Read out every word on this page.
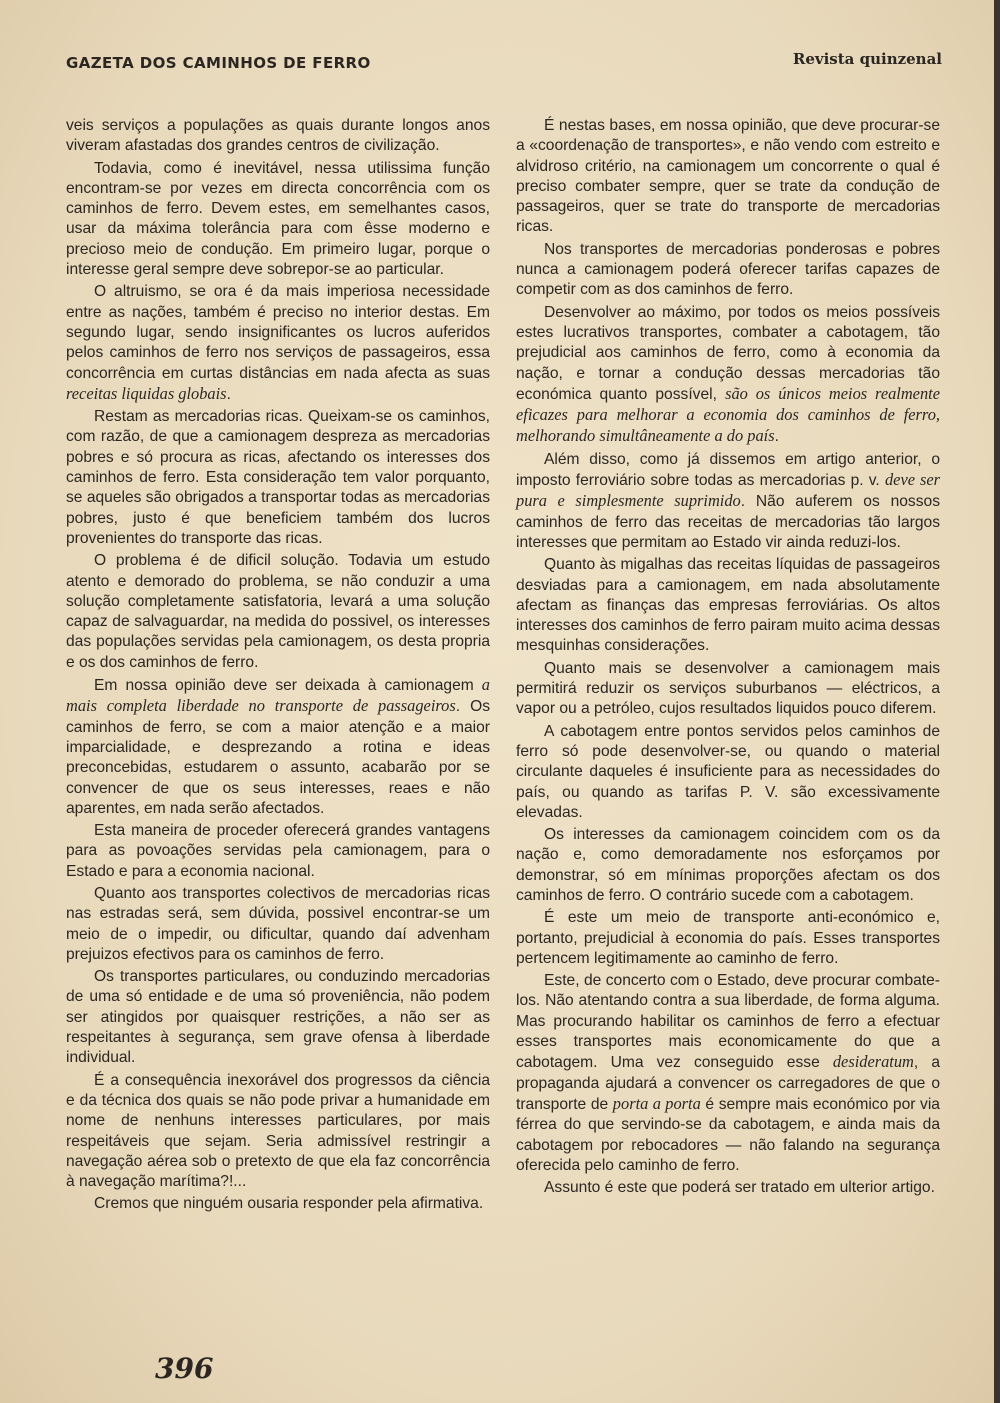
GAZETA DOS CAMINHOS DE FERRO	Revista quinzenal

veis serviços a populações as quais durante longos anos viveram afastadas dos grandes centros de civilização.

Todavia, como é inevitável, nessa utilissima função encontram-se por vezes em directa concorrência com os caminhos de ferro. Devem estes, em semelhantes casos, usar da máxima tolerância para com êsse moderno e precioso meio de condução. Em primeiro lugar, porque o interesse geral sempre deve sobrepor-se ao particular.

O altruismo, se ora é da mais imperiosa necessidade entre as nações, também é preciso no interior destas. Em segundo lugar, sendo insignificantes os lucros auferidos pelos caminhos de ferro nos serviços de passageiros, essa concorrência em curtas distâncias em nada afecta as suas receitas liquidas globais.

Restam as mercadorias ricas. Queixam-se os caminhos, com razão, de que a camionagem despreza as mercadorias pobres e só procura as ricas, afectando os interesses dos caminhos de ferro. Esta consideração tem valor porquanto, se aqueles são obrigados a transportar todas as mercadorias pobres, justo é que beneficiem também dos lucros provenientes do transporte das ricas.

O problema é de dificil solução. Todavia um estudo atento e demorado do problema, se não conduzir a uma solução completamente satisfatoria, levará a uma solução capaz de salvaguardar, na medida do possivel, os interesses das populações servidas pela camionagem, os desta propria e os dos caminhos de ferro.

Em nossa opinião deve ser deixada à camionagem a mais completa liberdade no transporte de passageiros. Os caminhos de ferro, se com a maior atenção e a maior imparcialidade, e desprezando a rotina e ideas preconcebidas, estudarem o assunto, acabarão por se convencer de que os seus interesses, reaes e não aparentes, em nada serão afectados.

Esta maneira de proceder oferecerá grandes vantagens para as povoações servidas pela camionagem, para o Estado e para a economia nacional.

Quanto aos transportes colectivos de mercadorias ricas nas estradas será, sem dúvida, possivel encontrar-se um meio de o impedir, ou dificultar, quando daí advenham prejuizos efectivos para os caminhos de ferro.

Os transportes particulares, ou conduzindo mercadorias de uma só entidade e de uma só proveniência, não podem ser atingidos por quaisquer restrições, a não ser as respeitantes à segurança, sem grave ofensa à liberdade individual.

É a consequência inexorável dos progressos da ciência e da técnica dos quais se não pode privar a humanidade em nome de nenhuns interesses particulares, por mais respeitáveis que sejam. Seria admissível restringir a navegação aérea sob o pretexto de que ela faz concorrência à navegação marítima?!...

Cremos que ninguém ousaria responder pela afirmativa.

É nestas bases, em nossa opinião, que deve procurar-se a «coordenação de transportes», e não vendo com estreito e alvidroso critério, na camionagem um concorrente o qual é preciso combater sempre, quer se trate da condução de passageiros, quer se trate do transporte de mercadorias ricas.

Nos transportes de mercadorias ponderosas e pobres nunca a camionagem poderá oferecer tarifas capazes de competir com as dos caminhos de ferro.

Desenvolver ao máximo, por todos os meios possíveis estes lucrativos transportes, combater a cabotagem, tão prejudicial aos caminhos de ferro, como à economia da nação, e tornar a condução dessas mercadorias tão económica quanto possível, são os únicos meios realmente eficazes para melhorar a economia dos caminhos de ferro, melhorando simultâneamente a do país.

Além disso, como já dissemos em artigo anterior, o imposto ferroviário sobre todas as mercadorias p. v. deve ser pura e simplesmente suprimido. Não auferem os nossos caminhos de ferro das receitas de mercadorias tão largos interesses que permitam ao Estado vir ainda reduzi-los.

Quanto às migalhas das receitas líquidas de passageiros desviadas para a camionagem, em nada absolutamente afectam as finanças das empresas ferroviárias. Os altos interesses dos caminhos de ferro pairam muito acima dessas mesquinhas considerações.

Quanto mais se desenvolver a camionagem mais permitirá reduzir os serviços suburbanos — eléctricos, a vapor ou a petróleo, cujos resultados liquidos pouco diferem.

A cabotagem entre pontos servidos pelos caminhos de ferro só pode desenvolver-se, ou quando o material circulante daqueles é insuficiente para as necessidades do país, ou quando as tarifas P. V. são excessivamente elevadas.

Os interesses da camionagem coincidem com os da nação e, como demoradamente nos esforçamos por demonstrar, só em mínimas proporções afectam os dos caminhos de ferro. O contrário sucede com a cabotagem.

É este um meio de transporte anti-económico e, portanto, prejudicial à economia do país. Esses transportes pertencem legitimamente ao caminho de ferro.

Este, de concerto com o Estado, deve procurar combate-los. Não atentando contra a sua liberdade, de forma alguma. Mas procurando habilitar os caminhos de ferro a efectuar esses transportes mais economicamente do que a cabotagem. Uma vez conseguido esse desideratum, a propaganda ajudará a convencer os carregadores de que o transporte de porta a porta é sempre mais económico por via férrea do que servindo-se da cabotagem, e ainda mais da cabotagem por rebocadores — não falando na segurança oferecida pelo caminho de ferro.

Assunto é este que poderá ser tratado em ulterior artigo.

396
